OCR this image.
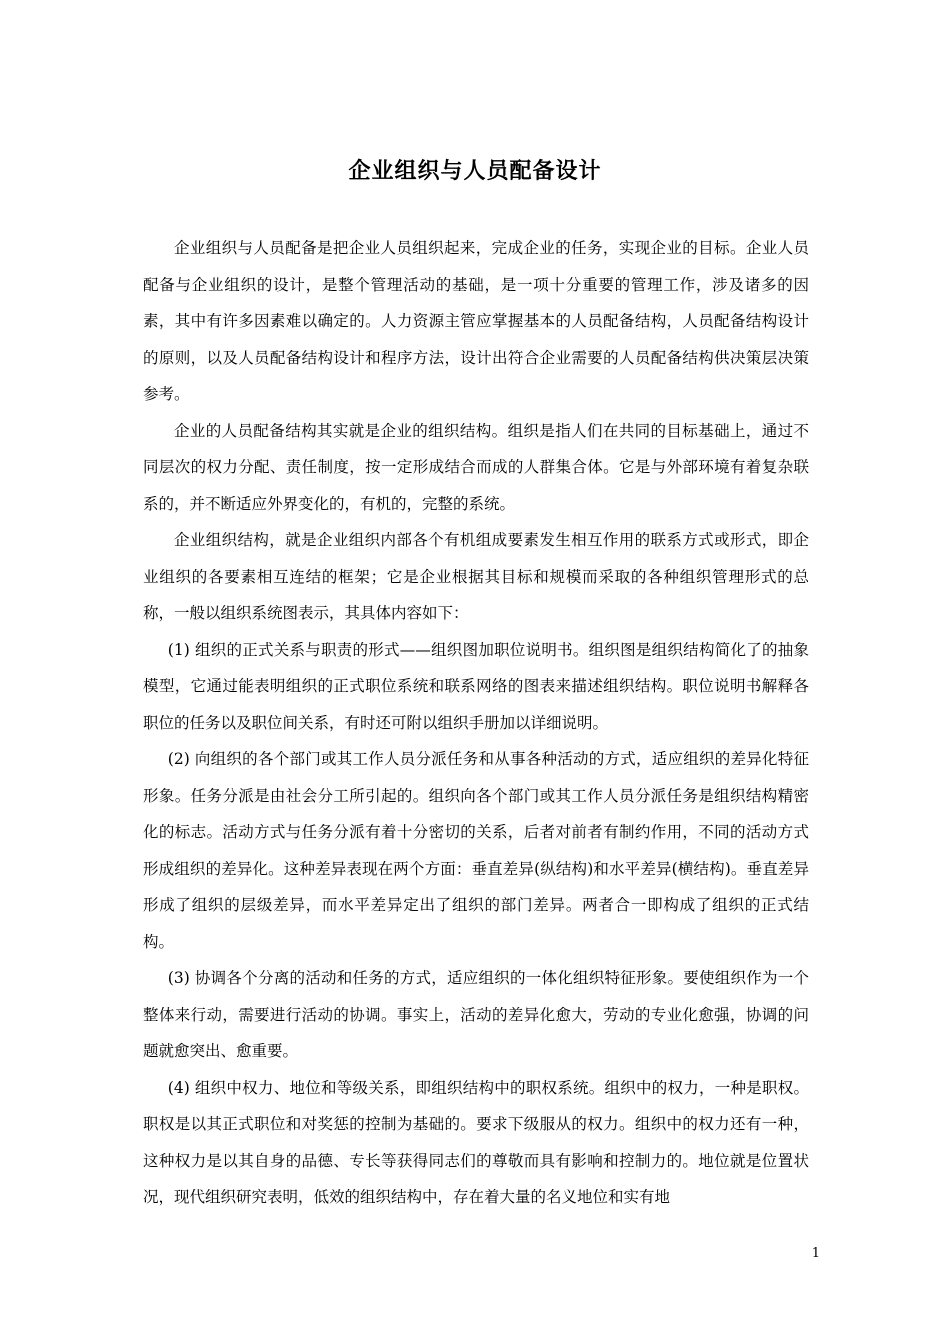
企业组织与人员配备设计

企业组织与人员配备是把企业人员组织起来，完成企业的任务，实现企业的目标。企业人员配备与企业组织的设计，是整个管理活动的基础，是一项十分重要的管理工作，涉及诸多的因素，其中有许多因素难以确定的。人力资源主管应掌握基本的人员配备结构，人员配备结构设计的原则，以及人员配备结构设计和程序方法，设计出符合企业需要的人员配备结构供决策层决策参考。

企业的人员配备结构其实就是企业的组织结构。组织是指人们在共同的目标基础上，通过不同层次的权力分配、责任制度，按一定形成结合而成的人群集合体。它是与外部环境有着复杂联系的，并不断适应外界变化的，有机的，完整的系统。

企业组织结构，就是企业组织内部各个有机组成要素发生相互作用的联系方式或形式，即企业组织的各要素相互连结的框架；它是企业根据其目标和规模而采取的各种组织管理形式的总称，一般以组织系统图表示，其具体内容如下：

(1) 组织的正式关系与职责的形式——组织图加职位说明书。组织图是组织结构简化了的抽象模型，它通过能表明组织的正式职位系统和联系网络的图表来描述组织结构。职位说明书解释各职位的任务以及职位间关系，有时还可附以组织手册加以详细说明。

(2) 向组织的各个部门或其工作人员分派任务和从事各种活动的方式，适应组织的差异化特征形象。任务分派是由社会分工所引起的。组织向各个部门或其工作人员分派任务是组织结构精密化的标志。活动方式与任务分派有着十分密切的关系，后者对前者有制约作用，不同的活动方式形成组织的差异化。这种差异表现在两个方面：垂直差异(纵结构)和水平差异(横结构)。垂直差异形成了组织的层级差异，而水平差异定出了组织的部门差异。两者合一即构成了组织的正式结构。

(3) 协调各个分离的活动和任务的方式，适应组织的一体化组织特征形象。要使组织作为一个整体来行动，需要进行活动的协调。事实上，活动的差异化愈大，劳动的专业化愈强，协调的问题就愈突出、愈重要。

(4) 组织中权力、地位和等级关系，即组织结构中的职权系统。组织中的权力，一种是职权。职权是以其正式职位和对奖惩的控制为基础的。要求下级服从的权力。组织中的权力还有一种，这种权力是以其自身的品德、专长等获得同志们的尊敬而具有影响和控制力的。地位就是位置状况，现代组织研究表明，低效的组织结构中，存在着大量的名义地位和实有地

1
